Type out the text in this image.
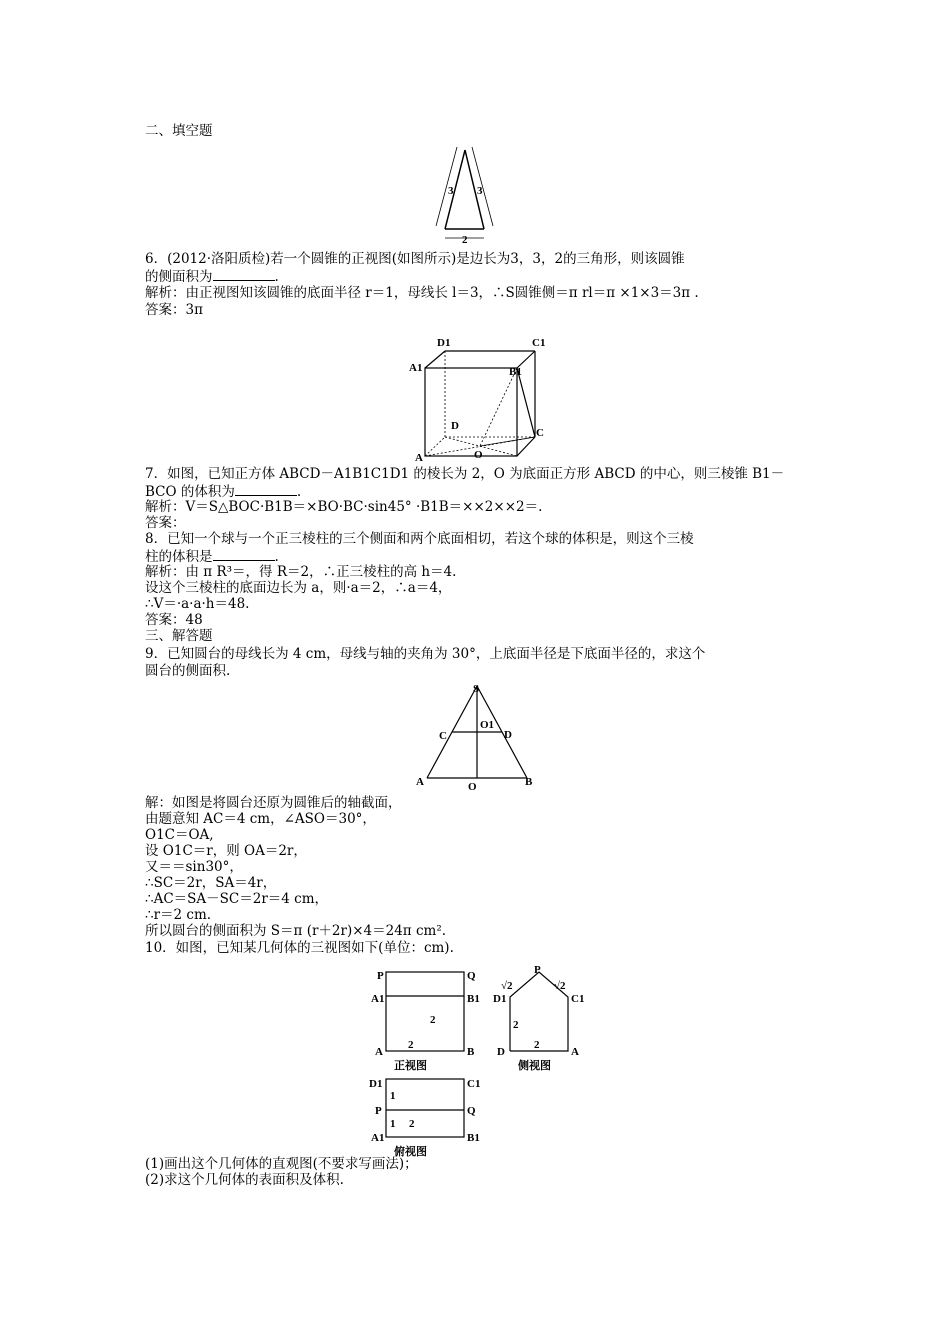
二、填空题
3 3
2
6．(2012·洛阳质检)若一个圆锥的正视图(如图所示)是边长为3，3，2的三角形，则该圆锥
的侧面积为	.
解析：由正视图知该圆锥的底面半径 r＝1，母线长 l＝3，∴S圆锥侧＝π rl＝π ×1×3＝3π .
答案：3π
D1	C1
A1	B1
D
O
A
C
7．如图，已知正方体 ABCD－A1B1C1D1 的棱长为 2，O 为底面正方形 ABCD 的中心，则三棱锥 B1－
BCO 的体积为	.
解析：V＝S△BOC·B1B＝×BO·BC·sin45° ·B1B＝××2××2＝.
答案：
8．已知一个球与一个正三棱柱的三个侧面和两个底面相切，若这个球的体积是，则这个三棱
柱的体积是	.
解析：由 π R³＝，得 R＝2，∴正三棱柱的高 h＝4.
设这个三棱柱的底面边长为 a，则·a＝2，∴a＝4，
∴V＝·a·a·h＝48.
答案：48
三、解答题
9．已知圆台的母线长为 4 cm，母线与轴的夹角为 30°，上底面半径是下底面半径的，求这个
圆台的侧面积.
S
O1
C	D
A	O	B
解：如图是将圆台还原为圆锥后的轴截面，
由题意知 AC＝4 cm，∠ASO＝30°，
O1C＝OA,
设 O1C＝r，则 OA＝2r，
又＝＝sin30°，
∴SC＝2r，SA＝4r，
∴AC＝SA－SC＝2r＝4 cm，
∴r＝2 cm.
所以圆台的侧面积为 S＝π (r＋2r)×4＝24π cm².
10．如图，已知某几何体的三视图如下(单位：cm).
P	Q
A1	B1
A	B
2
2
正视图
P
√2	√2
D1	C1
D	A
2
2
侧视图
D1	C1
P	Q
A1	B1
1
1 2
俯视图
(1)画出这个几何体的直观图(不要求写画法)；
(2)求这个几何体的表面积及体积.
